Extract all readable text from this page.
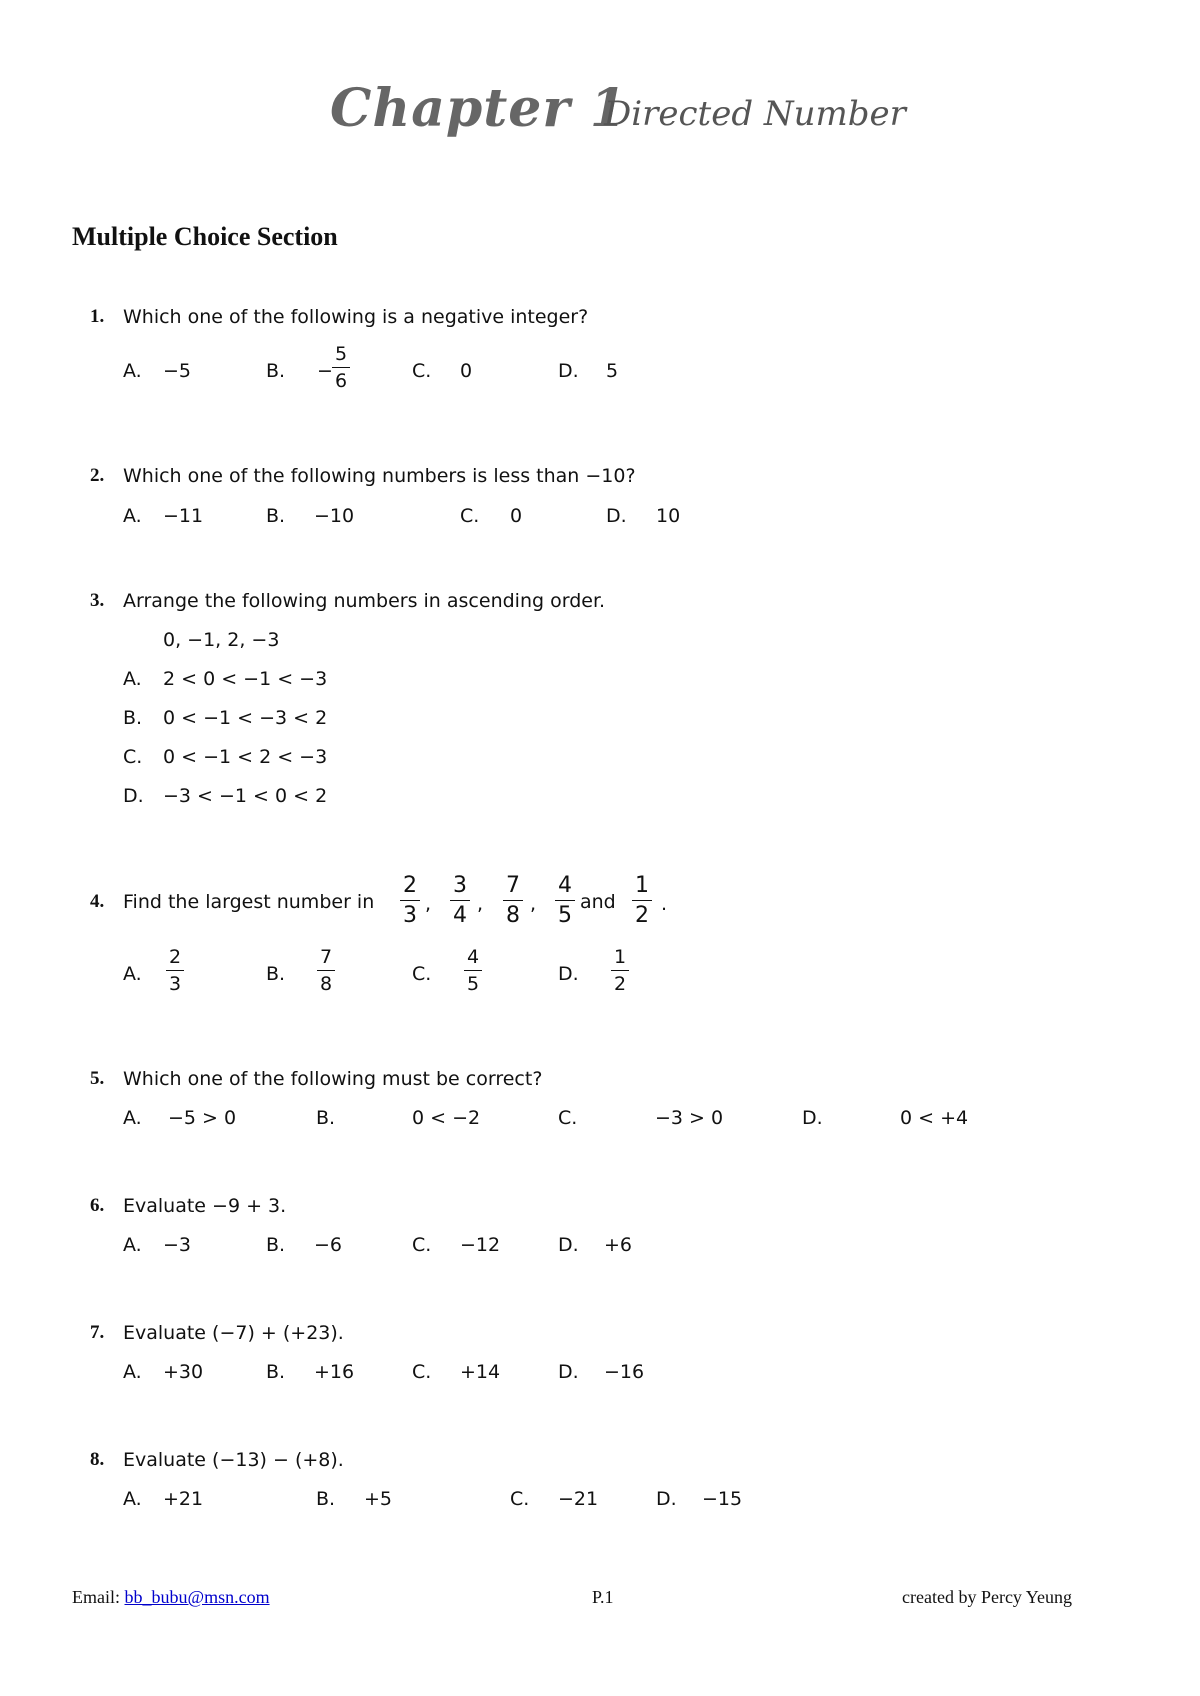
Chapter 1
Directed Number
Multiple Choice Section
1. Which one of the following is a negative integer?
A. −5	B. − $\frac{5}{6}$	C. 0	D. 5
2. Which one of the following numbers is less than −10?
A. −11	B. −10	C. 0	D. 10
3. Arrange the following numbers in ascending order.
0, −1, 2, −3
A. 2 < 0 < −1 < −3
B. 0 < −1 < −3 < 2
C. 0 < −1 < 2 < −3
D. −3 < −1 < 0 < 2
4. Find the largest number in $\frac{2}{3}$ , $\frac{3}{4}$ , $\frac{7}{8}$ , $\frac{4}{5}$ and $\frac{1}{2}$ .
A. $\frac{2}{3}$	B. $\frac{7}{8}$	C. $\frac{4}{5}$	D. $\frac{1}{2}$
5. Which one of the following must be correct?
A. −5 > 0	B.	0 < −2	C.	−3 > 0	D.	0 < +4
6. Evaluate −9 + 3.
A. −3	B. −6	C. −12	D. +6
7. Evaluate (−7) + (+23).
A. +30	B. +16	C. +14	D. −16
8. Evaluate (−13) − (+8).
A. +21	B. +5	C. −21	D. −15
Email: bb_bubu@msn.com	P.1	created by Percy Yeung
